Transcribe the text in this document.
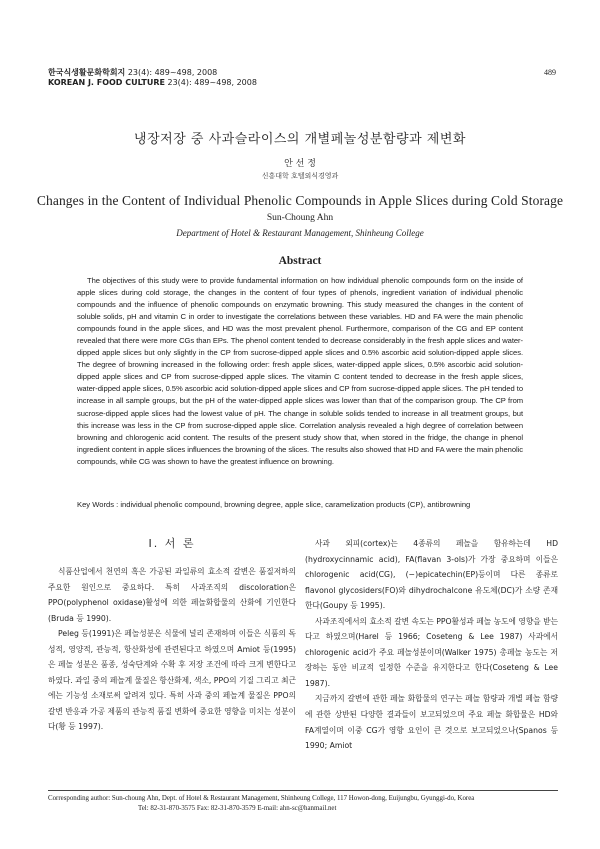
한국식생활문화학회지 23(4): 489~498, 2008
KOREAN J. FOOD CULTURE 23(4): 489~498, 2008
489
냉장저장 중 사과슬라이스의 개별페놀성분함량과 제변화
안 선 정
신흥대학 호텔외식경영과
Changes in the Content of Individual Phenolic Compounds in Apple Slices during Cold Storage
Sun-Choung Ahn
Department of Hotel & Restaurant Management, Shinheung College
Abstract

The objectives of this study were to provide fundamental information on how individual phenolic compounds form on the inside of apple slices during cold storage, the changes in the content of four types of phenols, ingredient variation of individual phenolic compounds and the influence of phenolic compounds on enzymatic browning. This study measured the changes in the content of soluble solids, pH and vitamin C in order to investigate the correlations between these variables. HD and FA were the main phenolic compounds found in the apple slices, and HD was the most prevalent phenol. Furthermore, comparison of the CG and EP content revealed that there were more CGs than EPs. The phenol content tended to decrease considerably in the fresh apple slices and water-dipped apple slices but only slightly in the CP from sucrose-dipped apple slices and 0.5% ascorbic acid solution-dipped apple slices. The degree of browning increased in the following order: fresh apple slices, water-dipped apple slices, 0.5% ascorbic acid solution-dipped apple slices and CP from sucrose-dipped apple slices. The vitamin C content tended to decrease in the fresh apple slices, water-dipped apple slices, 0.5% ascorbic acid solution-dipped apple slices and CP from sucrose-dipped apple slices. The pH tended to increase in all sample groups, but the pH of the water-dipped apple slices was lower than that of the comparison group. The CP from sucrose-dipped apple slices had the lowest value of pH. The change in soluble solids tended to increase in all treatment groups, but this increase was less in the CP from sucrose-dipped apple slice. Correlation analysis revealed a high degree of correlation between browning and chlorogenic acid content. The results of the present study show that, when stored in the fridge, the change in phenol ingredient content in apple slices influences the browning of the slices. The results also showed that HD and FA were the main phenolic compounds, while CG was shown to have the greatest influence on browning.

Key Words : individual phenolic compound, browning degree, apple slice, caramelization products (CP), antibrowning
I. 서 론

식품산업에서 천연의 혹은 가공된 과일류의 효소적 갈변은 품질저하의 주요한 원인으로 중요하다. 특히 사과조직의 discoloration은 PPO(polyphenol oxidase)활성에 의한 페놀화합물의 산화에 기인한다(Bruda 등 1990).

Peleg 등(1991)은 페놀성분은 식물에 널리 존재하며 이들은 식품의 독성적, 영양적, 관능적, 항산화성에 관련된다고 하였으며 Amiot 등(1995)은 페놀 성분은 품종, 성숙단계와 수확 후 저장 조건에 따라 크게 변한다고 하였다. 과일 중의 페놀계 물질은 항산화제, 색소, PPO의 기질 그리고 최근에는 기능성 소재로써 알려져 있다. 특히 사과 중의 페놀계 물질은 PPO의 갈변 반응과 가공 제품의 관능적 품질 변화에 중요한 영향을 미치는 성분이다(황 등 1997).

사과 외피(cortex)는 4종류의 페놀을 함유하는데 HD (hydroxycinnamic acid), FA(flavan 3-ols)가 가장 중요하며 이들은 chlorogenic acid(CG), (−)epicatechin(EP)등이며 다른 종류로 flavonol glycosiders(FO)와 dihydrochalcone 유도체(DC)가 소량 존재한다(Goupy 등 1995).

사과조직에서의 효소적 갈변 속도는 PPO활성과 페놀 농도에 영향을 받는다고 하였으며(Harel 등 1966; Coseteng & Lee 1987) 사과에서 chlorogenic acid가 주요 페놀성분이며(Walker 1975) 총페놀 농도는 저장하는 동안 비교적 일정한 수준을 유지한다고 한다(Coseteng & Lee 1987).

지금까지 갈변에 관한 페놀 화합물의 연구는 페놀 함량과 개별 페놀 함량에 관한 상반된 다양한 결과들이 보고되었으며 주요 페놀 화합물은 HD와 FA계열이며 이중 CG가 영향 요인이 큰 것으로 보고되었으나(Spanos 등 1990; Amiot

Corresponding author: Sun-choung Ahn, Dept. of Hotel & Restaurant Management, Shinheung College, 117 Howon-dong, Euijungbu, Gyunggi-do, Korea
Tel: 82-31-870-3575 Fax: 82-31-870-3579 E-mail: ahn-sc@hanmail.net
